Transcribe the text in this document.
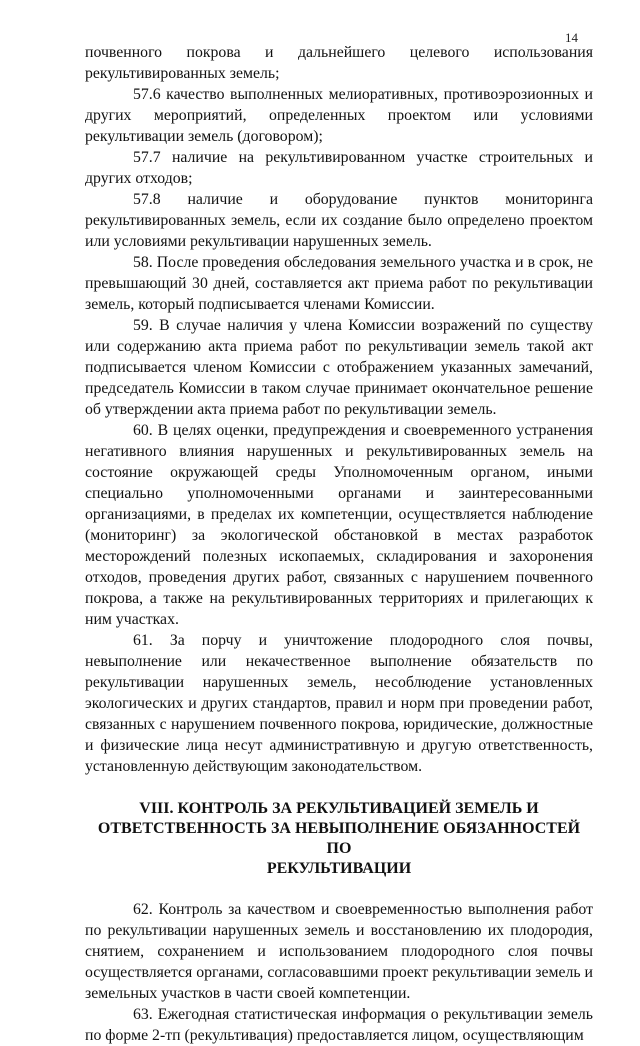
14

почвенного покрова и дальнейшего целевого использования рекультивированных земель;

57.6 качество выполненных мелиоративных, противоэрозионных и других мероприятий, определенных проектом или условиями рекультивации земель (договором);

57.7 наличие на рекультивированном участке строительных и других отходов;

57.8 наличие и оборудование пунктов мониторинга рекультивированных земель, если их создание было определено проектом или условиями рекультивации нарушенных земель.

58. После проведения обследования земельного участка и в срок, не превышающий 30 дней, составляется акт приема работ по рекультивации земель, который подписывается членами Комиссии.

59. В случае наличия у члена Комиссии возражений по существу или содержанию акта приема работ по рекультивации земель такой акт подписывается членом Комиссии с отображением указанных замечаний, председатель Комиссии в таком случае принимает окончательное решение об утверждении акта приема работ по рекультивации земель.

60. В целях оценки, предупреждения и своевременного устранения негативного влияния нарушенных и рекультивированных земель на состояние окружающей среды Уполномоченным органом, иными специально уполномоченными органами и заинтересованными организациями, в пределах их компетенции, осуществляется наблюдение (мониторинг) за экологической обстановкой в местах разработок месторождений полезных ископаемых, складирования и захоронения отходов, проведения других работ, связанных с нарушением почвенного покрова, а также на рекультивированных территориях и прилегающих к ним участках.

61. За порчу и уничтожение плодородного слоя почвы, невыполнение или некачественное выполнение обязательств по рекультивации нарушенных земель, несоблюдение установленных экологических и других стандартов, правил и норм при проведении работ, связанных с нарушением почвенного покрова, юридические, должностные и физические лица несут административную и другую ответственность, установленную действующим законодательством.

VIII. КОНТРОЛЬ ЗА РЕКУЛЬТИВАЦИЕЙ ЗЕМЕЛЬ И
ОТВЕТСТВЕННОСТЬ ЗА НЕВЫПОЛНЕНИЕ ОБЯЗАННОСТЕЙ ПО
РЕКУЛЬТИВАЦИИ

62. Контроль за качеством и своевременностью выполнения работ по рекультивации нарушенных земель и восстановлению их плодородия, снятием, сохранением и использованием плодородного слоя почвы осуществляется органами, согласовавшими проект рекультивации земель и земельных участков в части своей компетенции.

63. Ежегодная статистическая информация о рекультивации земель по форме 2-тп (рекультивация) предоставляется лицом, осуществляющим
